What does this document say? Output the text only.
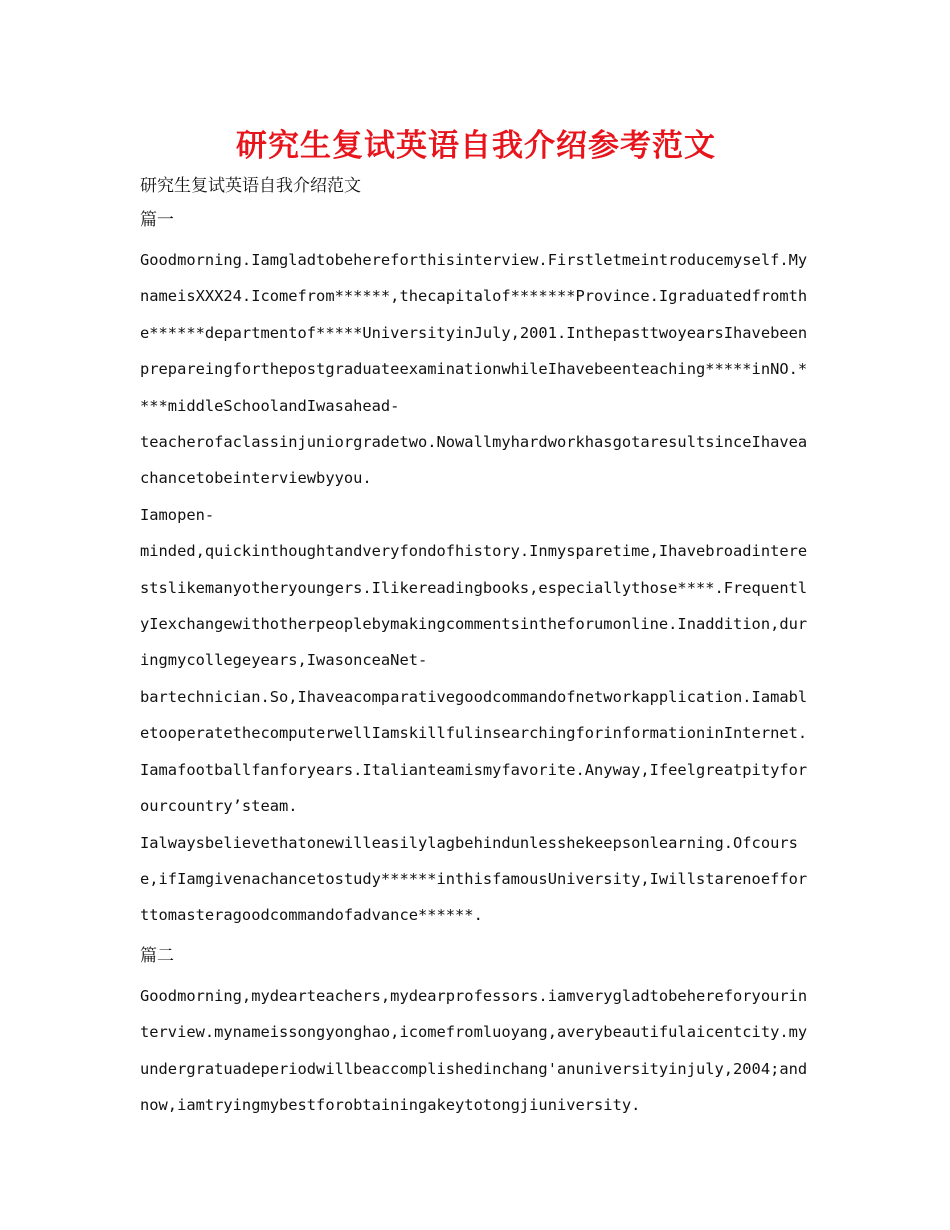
研究生复试英语自我介绍参考范文
研究生复试英语自我介绍范文
篇一

Goodmorning.Iamgladtobehereforthisinterview.Firstletmeintroducemyself.MynameisXXX24.Icomefrom******,thecapitalof*******Province.Igraduatedfromthe******departmentof*****UniversityinJuly,2001.InthepasttwoyearsIhavebeenprepareingforthepostgraduateexaminationwhileIhavebeenteaching*****inNO.****middleSchoolandIwasahead-

teacherofaclassinjuniorgradetwo.NowallmyhardworkhasgotaresultsinceIhaveachancetobeinterviewbyyou.

Iamopen-

minded,quickinthoughtandveryfondofhistory.Inmysparetime,Ihavebroadinterestslikemanyotheryoungers.Ilikereadingbooks,especiallythose****.FrequentlyIexchangewithotherpeoplebymakingcommentsintheforumonline.Inaddition,duringmycollegeyears,IwasonceaNet-

bartechnician.So,Ihaveacomparativegoodcommandofnetworkapplication.IamabletooperatethecomputerwellIamskillfulinsearchingforinformationinInternet.Iamafootballfanforyears.Italianteamismyfavorite.Anyway,Ifeelgreatpityforourcountry’steam.

Ialwaysbelievethatonewilleasilylagbehindunlesshekeepsonlearning.Ofcourse,ifIamgivenachancetostudy******inthisfamousUniversity,Iwillstarenoefforttomasteragoodcommandofadvance******.

篇二

Goodmorning,mydearteachers,mydearprofessors.iamverygladtobehereforyourinterview.mynameissongyonghao,icomefromluoyang,averybeautifulaicentcity.myundergratuadeperiodwillbeaccomplishedinchang'anuniversityinjuly,2004;andnow,iamtryingmybestforobtainingakeytotongjiuniversity.
